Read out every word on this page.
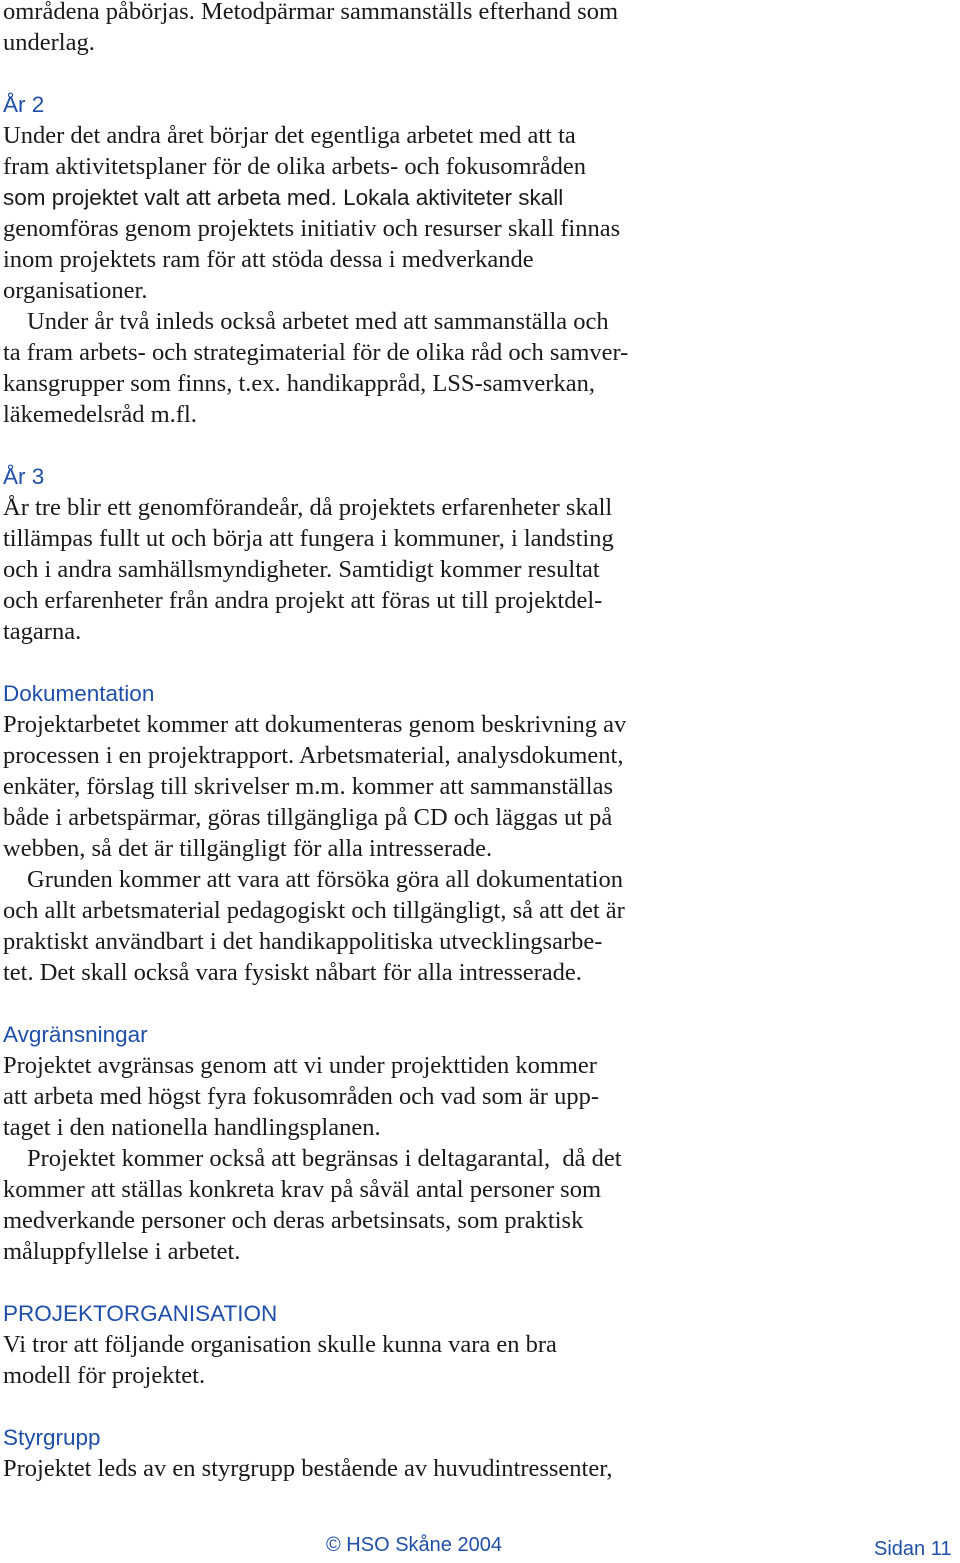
områdena påbörjas. Metodpärmar sammanställs efterhand som
underlag.
År 2
Under det andra året börjar det egentliga arbetet med att ta
fram aktivitetsplaner för de olika arbets- och fokusområden
som projektet valt att arbeta med. Lokala aktiviteter skall
genomföras genom projektets initiativ och resurser skall finnas
inom projektets ram för att stöda dessa i medverkande
organisationer.
Under år två inleds också arbetet med att sammanställa och
ta fram arbets- och strategimaterial för de olika råd och samver-
kansgrupper som finns, t.ex. handikappråd, LSS-samverkan,
läkemedelsråd m.fl.
År 3
År tre blir ett genomförandeår, då projektets erfarenheter skall
tillämpas fullt ut och börja att fungera i kommuner, i landsting
och i andra samhällsmyndigheter. Samtidigt kommer resultat
och erfarenheter från andra projekt att föras ut till projektdel-
tagarna.
Dokumentation
Projektarbetet kommer att dokumenteras genom beskrivning av
processen i en projektrapport. Arbetsmaterial, analysdokument,
enkäter, förslag till skrivelser m.m. kommer att sammanställas
både i arbetspärmar, göras tillgängliga på CD och läggas ut på
webben, så det är tillgängligt för alla intresserade.
Grunden kommer att vara att försöka göra all dokumentation
och allt arbetsmaterial pedagogiskt och tillgängligt, så att det är
praktiskt användbart i det handikappolitiska utvecklingsarbe-
tet. Det skall också vara fysiskt nåbart för alla intresserade.
Avgränsningar
Projektet avgränsas genom att vi under projekttiden kommer
att arbeta med högst fyra fokusområden och vad som är upp-
taget i den nationella handlingsplanen.
Projektet kommer också att begränsas i deltagarantal,  då det
kommer att ställas konkreta krav på såväl antal personer som
medverkande personer och deras arbetsinsats, som praktisk
måluppfyllelse i arbetet.
PROJEKTORGANISATION
Vi tror att följande organisation skulle kunna vara en bra
modell för projektet.
Styrgrupp
Projektet leds av en styrgrupp bestående av huvudintressenter,
© HSO Skåne 2004	Sidan 11
